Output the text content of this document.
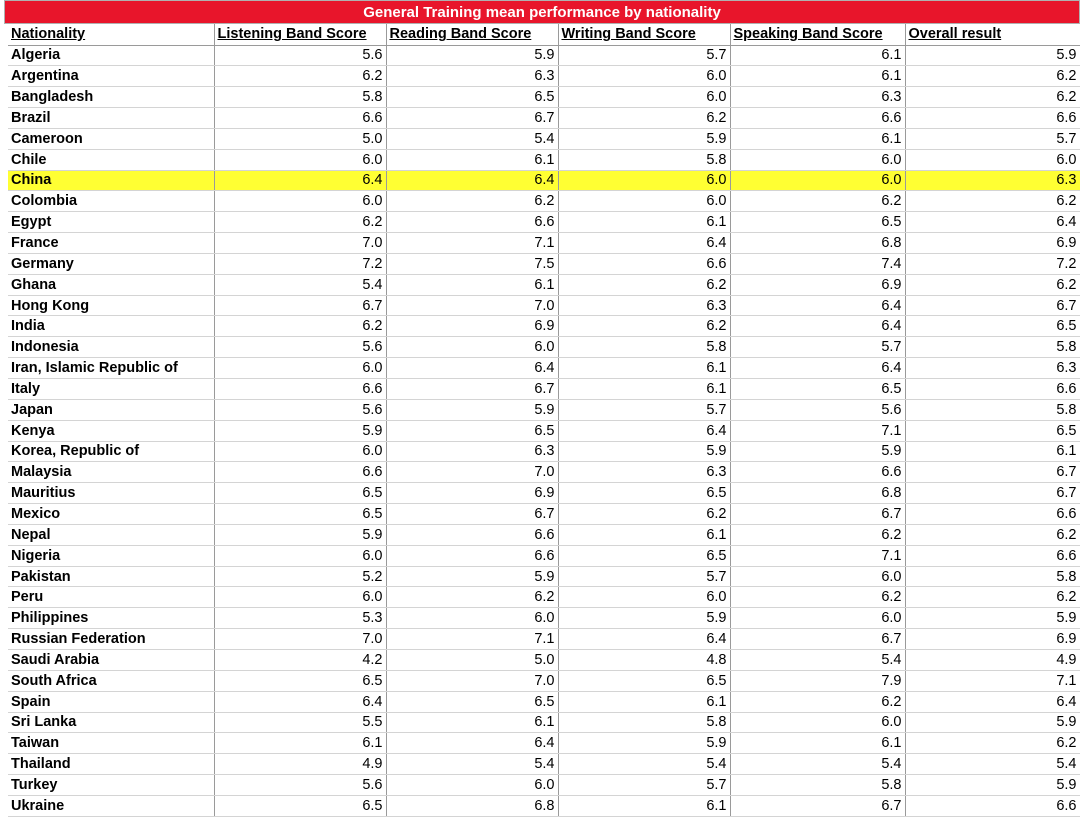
General Training mean performance by nationality
Nationality	Listening Band Score	Reading Band Score	Writing Band Score	Speaking Band Score	Overall result
Algeria	5.6	5.9	5.7	6.1	5.9
Argentina	6.2	6.3	6.0	6.1	6.2
Bangladesh	5.8	6.5	6.0	6.3	6.2
Brazil	6.6	6.7	6.2	6.6	6.6
Cameroon	5.0	5.4	5.9	6.1	5.7
Chile	6.0	6.1	5.8	6.0	6.0
China	6.4	6.4	6.0	6.0	6.3
Colombia	6.0	6.2	6.0	6.2	6.2
Egypt	6.2	6.6	6.1	6.5	6.4
France	7.0	7.1	6.4	6.8	6.9
Germany	7.2	7.5	6.6	7.4	7.2
Ghana	5.4	6.1	6.2	6.9	6.2
Hong Kong	6.7	7.0	6.3	6.4	6.7
India	6.2	6.9	6.2	6.4	6.5
Indonesia	5.6	6.0	5.8	5.7	5.8
Iran, Islamic Republic of	6.0	6.4	6.1	6.4	6.3
Italy	6.6	6.7	6.1	6.5	6.6
Japan	5.6	5.9	5.7	5.6	5.8
Kenya	5.9	6.5	6.4	7.1	6.5
Korea, Republic of	6.0	6.3	5.9	5.9	6.1
Malaysia	6.6	7.0	6.3	6.6	6.7
Mauritius	6.5	6.9	6.5	6.8	6.7
Mexico	6.5	6.7	6.2	6.7	6.6
Nepal	5.9	6.6	6.1	6.2	6.2
Nigeria	6.0	6.6	6.5	7.1	6.6
Pakistan	5.2	5.9	5.7	6.0	5.8
Peru	6.0	6.2	6.0	6.2	6.2
Philippines	5.3	6.0	5.9	6.0	5.9
Russian Federation	7.0	7.1	6.4	6.7	6.9
Saudi Arabia	4.2	5.0	4.8	5.4	4.9
South Africa	6.5	7.0	6.5	7.9	7.1
Spain	6.4	6.5	6.1	6.2	6.4
Sri Lanka	5.5	6.1	5.8	6.0	5.9
Taiwan	6.1	6.4	5.9	6.1	6.2
Thailand	4.9	5.4	5.4	5.4	5.4
Turkey	5.6	6.0	5.7	5.8	5.9
Ukraine	6.5	6.8	6.1	6.7	6.6
